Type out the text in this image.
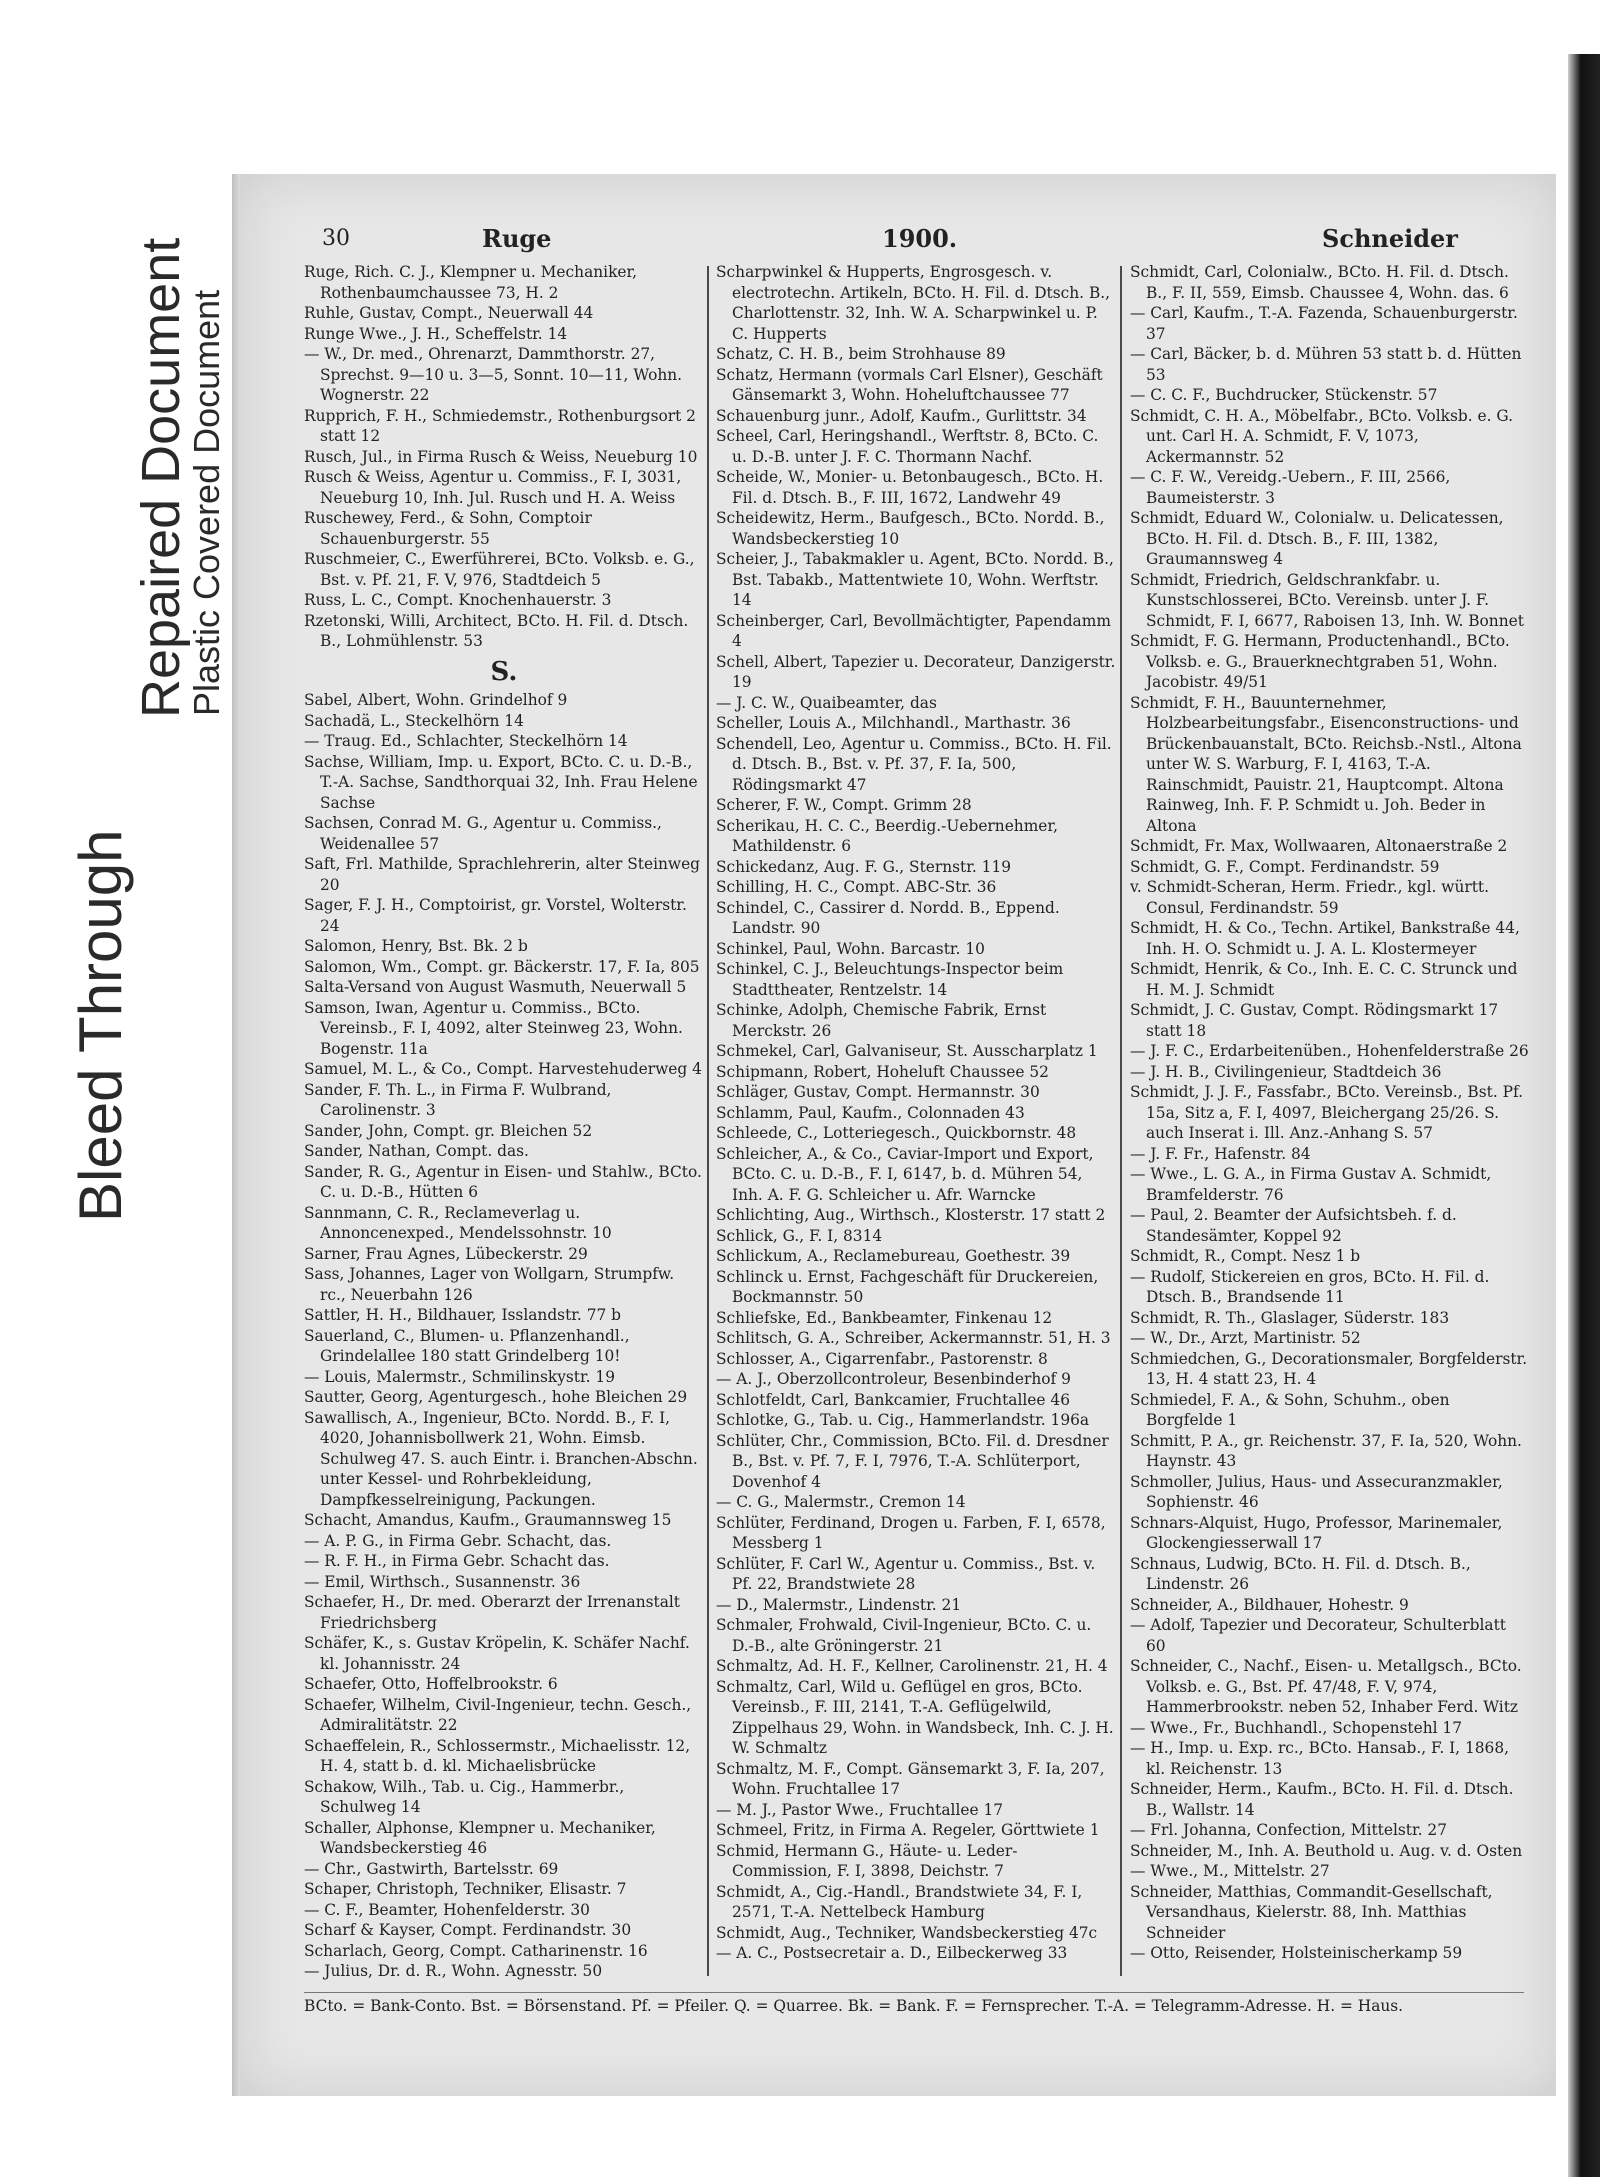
Bleed Through
Repaired Document
Plastic Covered Document
30	Ruge	1900.	Schneider

Ruge, Rich. C. J., Klempner u. Mechaniker, Rothenbaumchaussee 73, H. 2

Ruhle, Gustav, Compt., Neuerwall 44

Runge Wwe., J. H., Scheffelstr. 14

— W., Dr. med., Ohrenarzt, Dammthorstr. 27, Sprechst. 9—10 u. 3—5, Sonnt. 10—11, Wohn. Wognerstr. 22

Rupprich, F. H., Schmiedemstr., Rothenburgsort 2 statt 12

Rusch, Jul., in Firma Rusch & Weiss, Neueburg 10

Rusch & Weiss, Agentur u. Commiss., F. I, 3031, Neueburg 10, Inh. Jul. Rusch und H. A. Weiss

Ruschewey, Ferd., & Sohn, Comptoir Schauenburgerstr. 55

Ruschmeier, C., Ewerführerei, BCto. Volksb. e. G., Bst. v. Pf. 21, F. V, 976, Stadtdeich 5

Russ, L. C., Compt. Knochenhauerstr. 3

Rzetonski, Willi, Architect, BCto. H. Fil. d. Dtsch. B., Lohmühlenstr. 53

S.

Sabel, Albert, Wohn. Grindelhof 9

Sachadä, L., Steckelhörn 14

— Traug. Ed., Schlachter, Steckelhörn 14

Sachse, William, Imp. u. Export, BCto. C. u. D.-B., T.-A. Sachse, Sandthorquai 32, Inh. Frau Helene Sachse

Sachsen, Conrad M. G., Agentur u. Commiss., Weidenallee 57

Saft, Frl. Mathilde, Sprachlehrerin, alter Steinweg 20

Sager, F. J. H., Comptoirist, gr. Vorstel, Wolterstr. 24

Salomon, Henry, Bst. Bk. 2 b

Salomon, Wm., Compt. gr. Bäckerstr. 17, F. Ia, 805

Salta-Versand von August Wasmuth, Neuerwall 5

Samson, Iwan, Agentur u. Commiss., BCto. Vereinsb., F. I, 4092, alter Steinweg 23, Wohn. Bogenstr. 11a

Samuel, M. L., & Co., Compt. Harvestehuderweg 4

Sander, F. Th. L., in Firma F. Wulbrand, Carolinenstr. 3

Sander, John, Compt. gr. Bleichen 52

Sander, Nathan, Compt. das.

Sander, R. G., Agentur in Eisen- und Stahlw., BCto. C. u. D.-B., Hütten 6

Sannmann, C. R., Reclameverlag u. Annoncenexped., Mendelssohnstr. 10

Sarner, Frau Agnes, Lübeckerstr. 29

Sass, Johannes, Lager von Wollgarn, Strumpfw. rc., Neuerbahn 126

Sattler, H. H., Bildhauer, Isslandstr. 77 b

Sauerland, C., Blumen- u. Pflanzenhandl., Grindelallee 180 statt Grindelberg 10!

— Louis, Malermstr., Schmilinskystr. 19

Sautter, Georg, Agenturgesch., hohe Bleichen 29

Sawallisch, A., Ingenieur, BCto. Nordd. B., F. I, 4020, Johannisbollwerk 21, Wohn. Eimsb. Schulweg 47. S. auch Eintr. i. Branchen-Abschn. unter Kessel- und Rohrbekleidung, Dampfkesselreinigung, Packungen.

Schacht, Amandus, Kaufm., Graumannsweg 15

— A. P. G., in Firma Gebr. Schacht, das.

— R. F. H., in Firma Gebr. Schacht das.

— Emil, Wirthsch., Susannenstr. 36

Schaefer, H., Dr. med. Oberarzt der Irrenanstalt Friedrichsberg

Schäfer, K., s. Gustav Kröpelin, K. Schäfer Nachf. kl. Johannisstr. 24

Schaefer, Otto, Hoffelbrookstr. 6

Schaefer, Wilhelm, Civil-Ingenieur, techn. Gesch., Admiralitätstr. 22

Schaeffelein, R., Schlossermstr., Michaelisstr. 12, H. 4, statt b. d. kl. Michaelisbrücke

Schakow, Wilh., Tab. u. Cig., Hammerbr., Schulweg 14

Schaller, Alphonse, Klempner u. Mechaniker, Wandsbeckerstieg 46

— Chr., Gastwirth, Bartelsstr. 69

Schaper, Christoph, Techniker, Elisastr. 7

— C. F., Beamter, Hohenfelderstr. 30

Scharf & Kayser, Compt. Ferdinandstr. 30

Scharlach, Georg, Compt. Catharinenstr. 16

— Julius, Dr. d. R., Wohn. Agnesstr. 50

Scharpwinkel & Hupperts, Engrosgesch. v. electrotechn. Artikeln, BCto. H. Fil. d. Dtsch. B., Charlottenstr. 32, Inh. W. A. Scharpwinkel u. P. C. Hupperts

Schatz, C. H. B., beim Strohhause 89

Schatz, Hermann (vormals Carl Elsner), Geschäft Gänsemarkt 3, Wohn. Hoheluftchaussee 77

Schauenburg junr., Adolf, Kaufm., Gurlittstr. 34

Scheel, Carl, Heringshandl., Werftstr. 8, BCto. C. u. D.-B. unter J. F. C. Thormann Nachf.

Scheide, W., Monier- u. Betonbaugesch., BCto. H. Fil. d. Dtsch. B., F. III, 1672, Landwehr 49

Scheidewitz, Herm., Baufgesch., BCto. Nordd. B., Wandsbeckerstieg 10

Scheier, J., Tabakmakler u. Agent, BCto. Nordd. B., Bst. Tabakb., Mattentwiete 10, Wohn. Werftstr. 14

Scheinberger, Carl, Bevollmächtigter, Papendamm 4

Schell, Albert, Tapezier u. Decorateur, Danzigerstr. 19

— J. C. W., Quaibeamter, das

Scheller, Louis A., Milchhandl., Marthastr. 36

Schendell, Leo, Agentur u. Commiss., BCto. H. Fil. d. Dtsch. B., Bst. v. Pf. 37, F. Ia, 500, Rödingsmarkt 47

Scherer, F. W., Compt. Grimm 28

Scherikau, H. C. C., Beerdig.-Uebernehmer, Mathildenstr. 6

Schickedanz, Aug. F. G., Sternstr. 119

Schilling, H. C., Compt. ABC-Str. 36

Schindel, C., Cassirer d. Nordd. B., Eppend. Landstr. 90

Schinkel, Paul, Wohn. Barcastr. 10

Schinkel, C. J., Beleuchtungs-Inspector beim Stadttheater, Rentzelstr. 14

Schinke, Adolph, Chemische Fabrik, Ernst Merckstr. 26

Schmekel, Carl, Galvaniseur, St. Ausscharplatz 1

Schipmann, Robert, Hoheluft Chaussee 52

Schläger, Gustav, Compt. Hermannstr. 30

Schlamm, Paul, Kaufm., Colonnaden 43

Schleede, C., Lotteriegesch., Quickbornstr. 48

Schleicher, A., & Co., Caviar-Import und Export, BCto. C. u. D.-B., F. I, 6147, b. d. Mühren 54, Inh. A. F. G. Schleicher u. Afr. Warncke

Schlichting, Aug., Wirthsch., Klosterstr. 17 statt 2

Schlick, G., F. I, 8314

Schlickum, A., Reclamebureau, Goethestr. 39

Schlinck u. Ernst, Fachgeschäft für Druckereien, Bockmannstr. 50

Schliefske, Ed., Bankbeamter, Finkenau 12

Schlitsch, G. A., Schreiber, Ackermannstr. 51, H. 3

Schlosser, A., Cigarrenfabr., Pastorenstr. 8

— A. J., Oberzollcontroleur, Besenbinderhof 9

Schlotfeldt, Carl, Bankcamier, Fruchtallee 46

Schlotke, G., Tab. u. Cig., Hammerlandstr. 196a

Schlüter, Chr., Commission, BCto. Fil. d. Dresdner B., Bst. v. Pf. 7, F. I, 7976, T.-A. Schlüterport, Dovenhof 4

— C. G., Malermstr., Cremon 14

Schlüter, Ferdinand, Drogen u. Farben, F. I, 6578, Messberg 1

Schlüter, F. Carl W., Agentur u. Commiss., Bst. v. Pf. 22, Brandstwiete 28

— D., Malermstr., Lindenstr. 21

Schmaler, Frohwald, Civil-Ingenieur, BCto. C. u. D.-B., alte Gröningerstr. 21

Schmaltz, Ad. H. F., Kellner, Carolinenstr. 21, H. 4

Schmaltz, Carl, Wild u. Geflügel en gros, BCto. Vereinsb., F. III, 2141, T.-A. Geflügelwild, Zippelhaus 29, Wohn. in Wandsbeck, Inh. C. J. H. W. Schmaltz

Schmaltz, M. F., Compt. Gänsemarkt 3, F. Ia, 207, Wohn. Fruchtallee 17

— M. J., Pastor Wwe., Fruchtallee 17

Schmeel, Fritz, in Firma A. Regeler, Görttwiete 1

Schmid, Hermann G., Häute- u. Leder-Commission, F. I, 3898, Deichstr. 7

Schmidt, A., Cig.-Handl., Brandstwiete 34, F. I, 2571, T.-A. Nettelbeck Hamburg

Schmidt, Aug., Techniker, Wandsbeckerstieg 47c

— A. C., Postsecretair a. D., Eilbeckerweg 33

Schmidt, Carl, Colonialw., BCto. H. Fil. d. Dtsch. B., F. II, 559, Eimsb. Chaussee 4, Wohn. das. 6

— Carl, Kaufm., T.-A. Fazenda, Schauenburgerstr. 37

— Carl, Bäcker, b. d. Mühren 53 statt b. d. Hütten 53

— C. C. F., Buchdrucker, Stückenstr. 57

Schmidt, C. H. A., Möbelfabr., BCto. Volksb. e. G. unt. Carl H. A. Schmidt, F. V, 1073, Ackermannstr. 52

— C. F. W., Vereidg.-Uebern., F. III, 2566, Baumeisterstr. 3

Schmidt, Eduard W., Colonialw. u. Delicatessen, BCto. H. Fil. d. Dtsch. B., F. III, 1382, Graumannsweg 4

Schmidt, Friedrich, Geldschrankfabr. u. Kunstschlosserei, BCto. Vereinsb. unter J. F. Schmidt, F. I, 6677, Raboisen 13, Inh. W. Bonnet

Schmidt, F. G. Hermann, Productenhandl., BCto. Volksb. e. G., Brauerknechtgraben 51, Wohn. Jacobistr. 49/51

Schmidt, F. H., Bauunternehmer, Holzbearbeitungsfabr., Eisenconstructions- und Brückenbauanstalt, BCto. Reichsb.-Nstl., Altona unter W. S. Warburg, F. I, 4163, T.-A. Rainschmidt, Pauistr. 21, Hauptcompt. Altona Rainweg, Inh. F. P. Schmidt u. Joh. Beder in Altona

Schmidt, Fr. Max, Wollwaaren, Altonaerstraße 2

Schmidt, G. F., Compt. Ferdinandstr. 59

v. Schmidt-Scheran, Herm. Friedr., kgl. württ. Consul, Ferdinandstr. 59

Schmidt, H. & Co., Techn. Artikel, Bankstraße 44, Inh. H. O. Schmidt u. J. A. L. Klostermeyer

Schmidt, Henrik, & Co., Inh. E. C. C. Strunck und H. M. J. Schmidt

Schmidt, J. C. Gustav, Compt. Rödingsmarkt 17 statt 18

— J. F. C., Erdarbeitenüben., Hohenfelderstraße 26

— J. H. B., Civilingenieur, Stadtdeich 36

Schmidt, J. J. F., Fassfabr., BCto. Vereinsb., Bst. Pf. 15a, Sitz a, F. I, 4097, Bleichergang 25/26. S. auch Inserat i. Ill. Anz.-Anhang S. 57

— J. F. Fr., Hafenstr. 84

— Wwe., L. G. A., in Firma Gustav A. Schmidt, Bramfelderstr. 76

— Paul, 2. Beamter der Aufsichtsbeh. f. d. Standesämter, Koppel 92

Schmidt, R., Compt. Nesz 1 b

— Rudolf, Stickereien en gros, BCto. H. Fil. d. Dtsch. B., Brandsende 11

Schmidt, R. Th., Glaslager, Süderstr. 183

— W., Dr., Arzt, Martinistr. 52

Schmiedchen, G., Decorationsmaler, Borgfelderstr. 13, H. 4 statt 23, H. 4

Schmiedel, F. A., & Sohn, Schuhm., oben Borgfelde 1

Schmitt, P. A., gr. Reichenstr. 37, F. Ia, 520, Wohn. Haynstr. 43

Schmoller, Julius, Haus- und Assecuranzmakler, Sophienstr. 46

Schnars-Alquist, Hugo, Professor, Marinemaler, Glockengiesserwall 17

Schnaus, Ludwig, BCto. H. Fil. d. Dtsch. B., Lindenstr. 26

Schneider, A., Bildhauer, Hohestr. 9

— Adolf, Tapezier und Decorateur, Schulterblatt 60

Schneider, C., Nachf., Eisen- u. Metallgsch., BCto. Volksb. e. G., Bst. Pf. 47/48, F. V, 974, Hammerbrookstr. neben 52, Inhaber Ferd. Witz

— Wwe., Fr., Buchhandl., Schopenstehl 17

— H., Imp. u. Exp. rc., BCto. Hansab., F. I, 1868, kl. Reichenstr. 13

Schneider, Herm., Kaufm., BCto. H. Fil. d. Dtsch. B., Wallstr. 14

— Frl. Johanna, Confection, Mittelstr. 27

Schneider, M., Inh. A. Beuthold u. Aug. v. d. Osten

— Wwe., M., Mittelstr. 27

Schneider, Matthias, Commandit-Gesellschaft, Versandhaus, Kielerstr. 88, Inh. Matthias Schneider

— Otto, Reisender, Holsteinischerkamp 59

BCto. = Bank-Conto. Bst. = Börsenstand. Pf. = Pfeiler. Q. = Quarree. Bk. = Bank. F. = Fernsprecher. T.-A. = Telegramm-Adresse. H. = Haus.
